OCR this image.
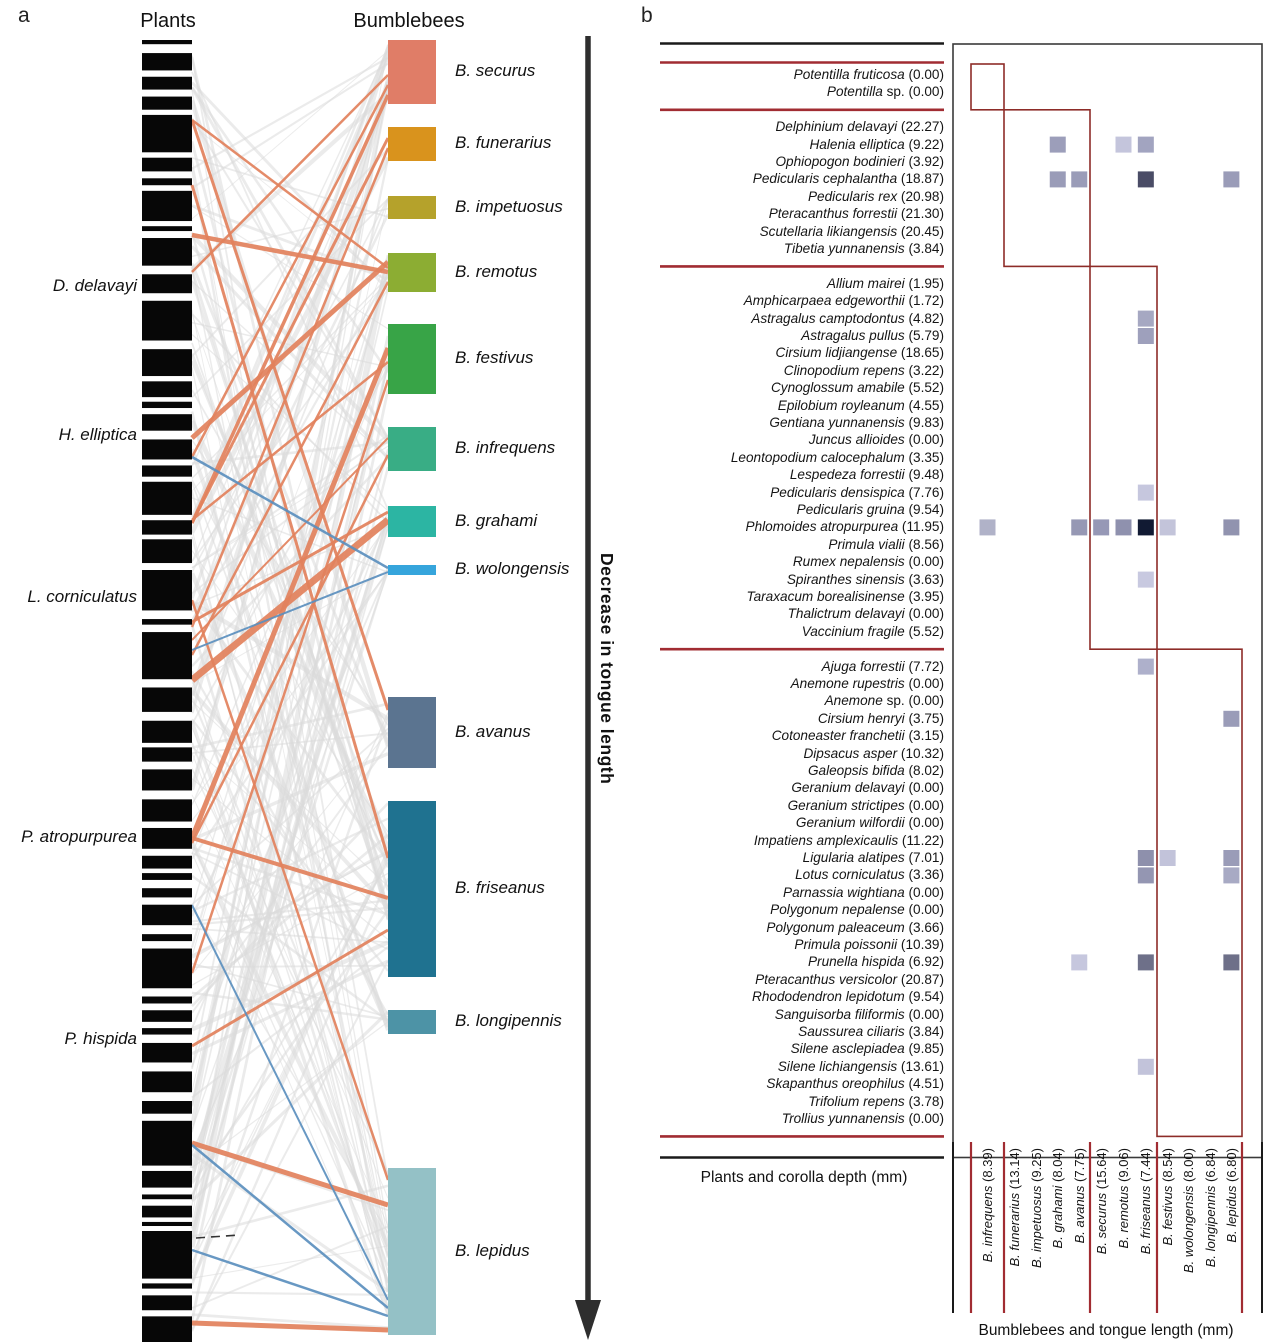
a	Plants	Bumblebees
Decrease in tongue length
b
Plants and corolla depth (mm)
Bumblebees and tongue length (mm)
B. securus
B. funerarius
B. impetuosus
B. remotus
B. festivus
B. infrequens
B. grahami
B. wolongensis
B. avanus
B. friseanus
B. longipennis
B. lepidus
D. delavayi
H. elliptica
L. corniculatus
P. atropurpurea
P. hispida
Potentilla fruticosa (0.00)
Potentilla sp. (0.00)
Delphinium delavayi (22.27)
Halenia elliptica (9.22)
Ophiopogon bodinieri (3.92)
Pedicularis cephalantha (18.87)
Pedicularis rex (20.98)
Pteracanthus forrestii (21.30)
Scutellaria likiangensis (20.45)
Tibetia yunnanensis (3.84)
Allium mairei (1.95)
Amphicarpaea edgeworthii (1.72)
Astragalus camptodontus (4.82)
Astragalus pullus (5.79)
Cirsium lidjiangense (18.65)
Clinopodium repens (3.22)
Cynoglossum amabile (5.52)
Epilobium royleanum (4.55)
Gentiana yunnanensis (9.83)
Juncus allioides (0.00)
Leontopodium calocephalum (3.35)
Lespedeza forrestii (9.48)
Pedicularis densispica (7.76)
Pedicularis gruina (9.54)
Phlomoides atropurpurea (11.95)
Primula vialii (8.56)
Rumex nepalensis (0.00)
Spiranthes sinensis (3.63)
Taraxacum borealisinense (3.95)
Thalictrum delavayi (0.00)
Vaccinium fragile (5.52)
Ajuga forrestii (7.72)
Anemone rupestris (0.00)
Anemone sp. (0.00)
Cirsium henryi (3.75)
Cotoneaster franchetii (3.15)
Dipsacus asper (10.32)
Galeopsis bifida (8.02)
Geranium delavayi (0.00)
Geranium strictipes (0.00)
Geranium wilfordii (0.00)
Impatiens amplexicaulis (11.22)
Ligularia alatipes (7.01)
Lotus corniculatus (3.36)
Parnassia wightiana (0.00)
Polygonum nepalense (0.00)
Polygonum paleaceum (3.66)
Primula poissonii (10.39)
Prunella hispida (6.92)
Pteracanthus versicolor (20.87)
Rhododendron lepidotum (9.54)
Sanguisorba filiformis (0.00)
Saussurea ciliaris (3.84)
Silene asclepiadea (9.85)
Silene lichiangensis (13.61)
Skapanthus oreophilus (4.51)
Trifolium repens (3.78)
Trollius yunnanensis (0.00)
B. infrequens (8.39)
B. funerarius (13.14)
B. impetuosus (9.25)
B. grahami (8.04)
B. avanus (7.75)
B. securus (15.64)
B. remotus (9.06)
B. friseanus (7.44)
B. festivus (8.54)
B. wolongensis (8.00)
B. longipennis (6.84)
B. lepidus (6.80)
